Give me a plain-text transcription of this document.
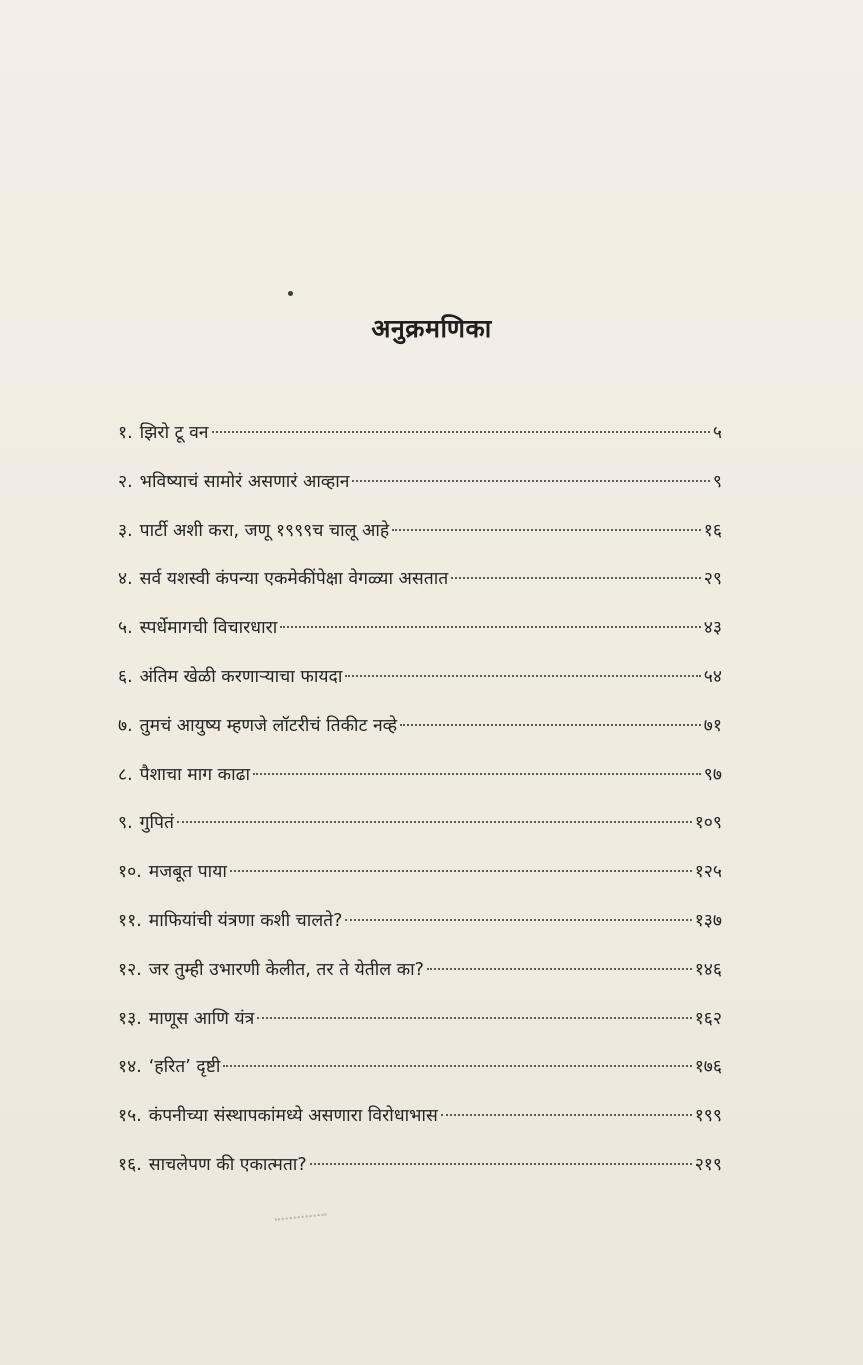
अनुक्रमणिका
१. झिरो टू वन	५
२. भविष्याचं सामोरं असणारं आव्हान	९
३. पार्टी अशी करा, जणू १९९९च चालू आहे	१६
४. सर्व यशस्वी कंपन्या एकमेकींपेक्षा वेगळ्या असतात	२९
५. स्पर्धेमागची विचारधारा	४३
६. अंतिम खेळी करणाऱ्याचा फायदा	५४
७. तुमचं आयुष्य म्हणजे लॉटरीचं तिकीट नव्हे	७१
८. पैशाचा माग काढा	९७
९. गुपितं	१०९
१०. मजबूत पाया	१२५
११. माफियांची यंत्रणा कशी चालते?	१३७
१२. जर तुम्ही उभारणी केलीत, तर ते येतील का?	१४६
१३. माणूस आणि यंत्र	१६२
१४. ‘हरित’ दृष्टी	१७६
१५. कंपनीच्या संस्थापकांमध्ये असणारा विरोधाभास	१९९
१६. साचलेपण की एकात्मता?	२१९
